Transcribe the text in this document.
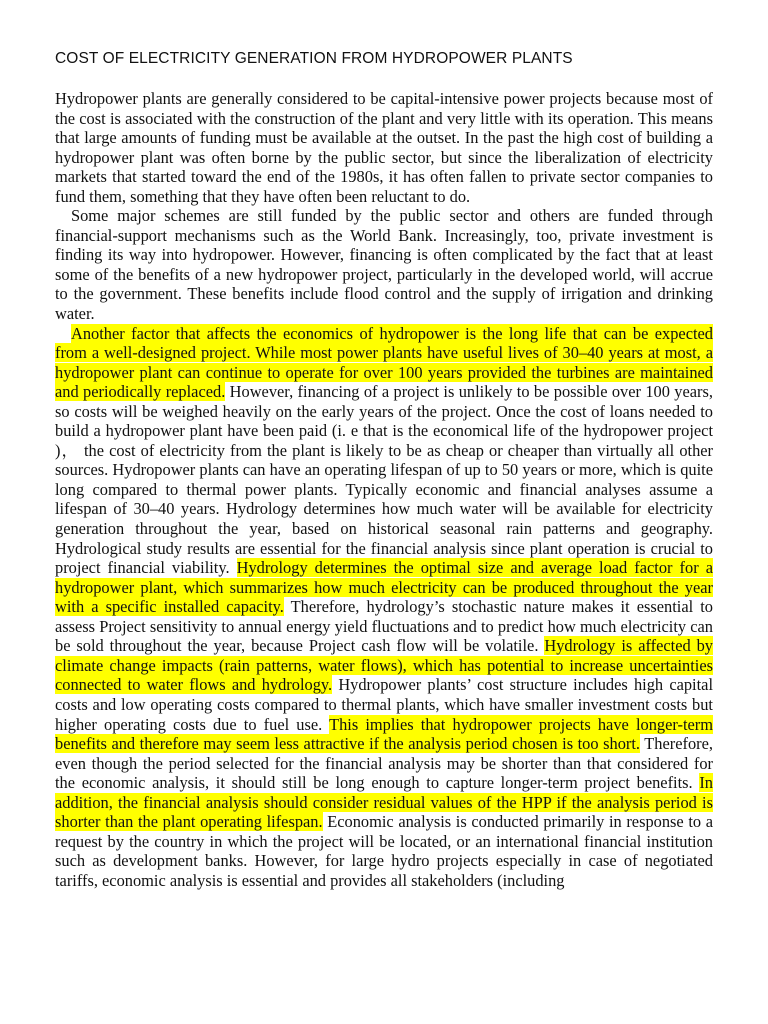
COST OF ELECTRICITY GENERATION FROM HYDROPOWER PLANTS

Hydropower plants are generally considered to be capital-intensive power projects because most of the cost is associated with the construction of the plant and very little with its operation. This means that large amounts of funding must be available at the outset. In the past the high cost of building a hydropower plant was often borne by the public sector, but since the liberalization of electricity markets that started toward the end of the 1980s, it has often fallen to private sector companies to fund them, something that they have often been reluctant to do.

Some major schemes are still funded by the public sector and others are funded through financial-support mechanisms such as the World Bank. Increasingly, too, private investment is finding its way into hydropower. However, financing is often complicated by the fact that at least some of the benefits of a new hydropower project, particularly in the developed world, will accrue to the government. These benefits include flood control and the supply of irrigation and drinking water.

Another factor that affects the economics of hydropower is the long life that can be expected from a well-designed project. While most power plants have useful lives of 30–40 years at most, a hydropower plant can continue to operate for over 100 years provided the turbines are maintained and periodically replaced. However, financing of a project is unlikely to be possible over 100 years, so costs will be weighed heavily on the early years of the project. Once the cost of loans needed to build a hydropower plant have been paid (i. e that is the economical life of the hydropower project )， the cost of electricity from the plant is likely to be as cheap or cheaper than virtually all other sources. Hydropower plants can have an operating lifespan of up to 50 years or more, which is quite long compared to thermal power plants. Typically economic and financial analyses assume a lifespan of 30–40 years. Hydrology determines how much water will be available for electricity generation throughout the year, based on historical seasonal rain patterns and geography. Hydrological study results are essential for the financial analysis since plant operation is crucial to project financial viability. Hydrology determines the optimal size and average load factor for a hydropower plant, which summarizes how much electricity can be produced throughout the year with a specific installed capacity. Therefore, hydrology’s stochastic nature makes it essential to assess Project sensitivity to annual energy yield fluctuations and to predict how much electricity can be sold throughout the year, because Project cash flow will be volatile. Hydrology is affected by climate change impacts (rain patterns, water flows), which has potential to increase uncertainties connected to water flows and hydrology. Hydropower plants’ cost structure includes high capital costs and low operating costs compared to thermal plants, which have smaller investment costs but higher operating costs due to fuel use. This implies that hydropower projects have longer-term benefits and therefore may seem less attractive if the analysis period chosen is too short. Therefore, even though the period selected for the financial analysis may be shorter than that considered for the economic analysis, it should still be long enough to capture longer-term project benefits. In addition, the financial analysis should consider residual values of the HPP if the analysis period is shorter than the plant operating lifespan. Economic analysis is conducted primarily in response to a request by the country in which the project will be located, or an international financial institution such as development banks. However, for large hydro projects especially in case of negotiated tariffs, economic analysis is essential and provides all stakeholders (including
